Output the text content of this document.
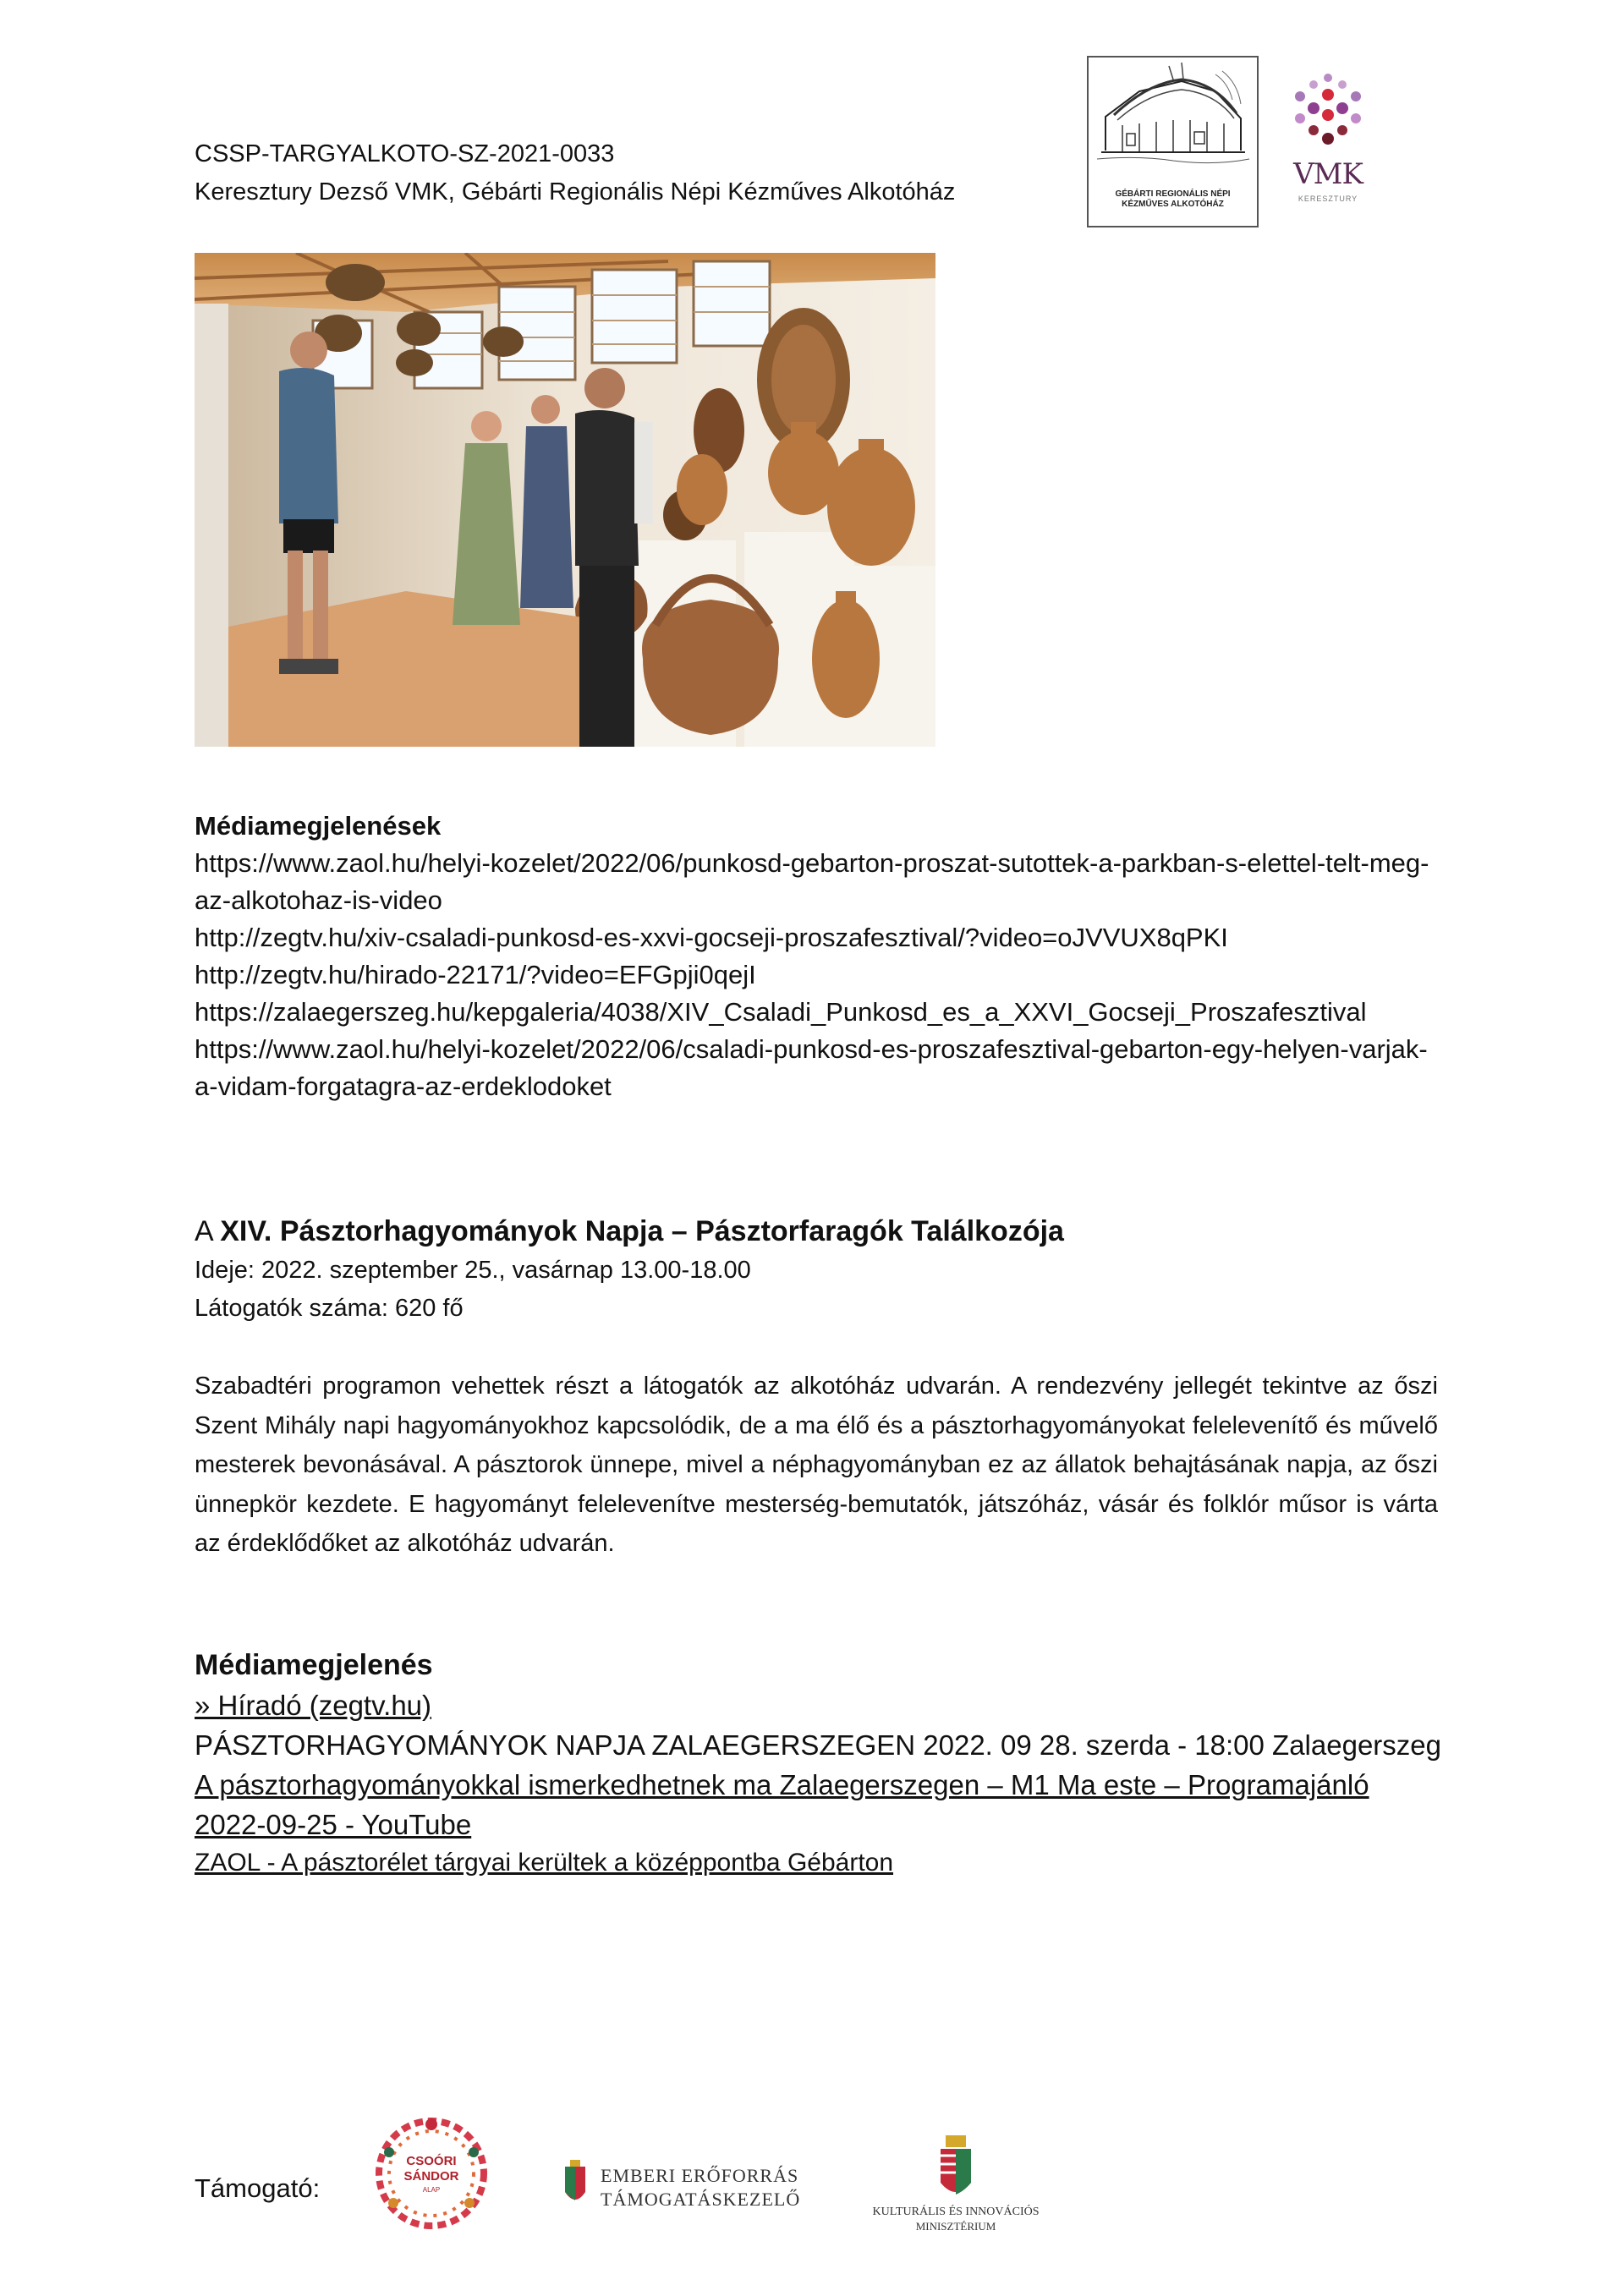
CSSP-TARGYALKOTO-SZ-2021-0033
Keresztury Dezső VMK, Gébárti Regionális Népi Kézműves Alkotóház	GÉBÁRTI REGIONÁLIS NÉPI
KÉZMŰVES ALKOTÓHÁZ
VMK
KERESZTURY
Médiamegjelenések
https://www.zaol.hu/helyi-kozelet/2022/06/punkosd-gebarton-proszat-sutottek-a-parkban-s-elettel-telt-meg-az-alkotohaz-is-video
http://zegtv.hu/xiv-csaladi-punkosd-es-xxvi-gocseji-proszafesztival/?video=oJVVUX8qPKI
http://zegtv.hu/hirado-22171/?video=EFGpji0qejI
https://zalaegerszeg.hu/kepgaleria/4038/XIV_Csaladi_Punkosd_es_a_XXVI_Gocseji_Proszafesztival
https://www.zaol.hu/helyi-kozelet/2022/06/csaladi-punkosd-es-proszafesztival-gebarton-egy-helyen-varjak-a-vidam-forgatagra-az-erdeklodoket
A XIV. Pásztorhagyományok Napja – Pásztorfaragók Találkozója
Ideje: 2022. szeptember 25., vasárnap 13.00-18.00
Látogatók száma: 620 fő
Szabadtéri programon vehettek részt a látogatók az alkotóház udvarán. A rendezvény jellegét tekintve az őszi Szent Mihály napi hagyományokhoz kapcsolódik, de a ma élő és a pásztorhagyományokat felelevenítő és művelő mesterek bevonásával. A pásztorok ünnepe, mivel a néphagyományban ez az állatok behajtásának napja, az őszi ünnepkör kezdete. E hagyományt felelevenítve mesterség-bemutatók, játszóház, vásár és folklór műsor is várta az érdeklődőket az alkotóház udvarán.
Médiamegjelenés
» Híradó (zegtv.hu)
PÁSZTORHAGYOMÁNYOK NAPJA ZALAEGERSZEGEN 2022. 09 28. szerda - 18:00 Zalaegerszeg
A pásztorhagyományokkal ismerkedhetnek ma Zalaegerszegen – M1 Ma este – Programajánló
2022-09-25 - YouTube
ZAOL - A pásztorélet tárgyai kerültek a középpontba Gébárton
Támogató:
CSOÓRI
SÁNDOR
ALAP
EMBERI ERŐFORRÁS
TÁMOGATÁSKEZELŐ
KULTURÁLIS ÉS INNOVÁCIÓS
MINISZTÉRIUM
